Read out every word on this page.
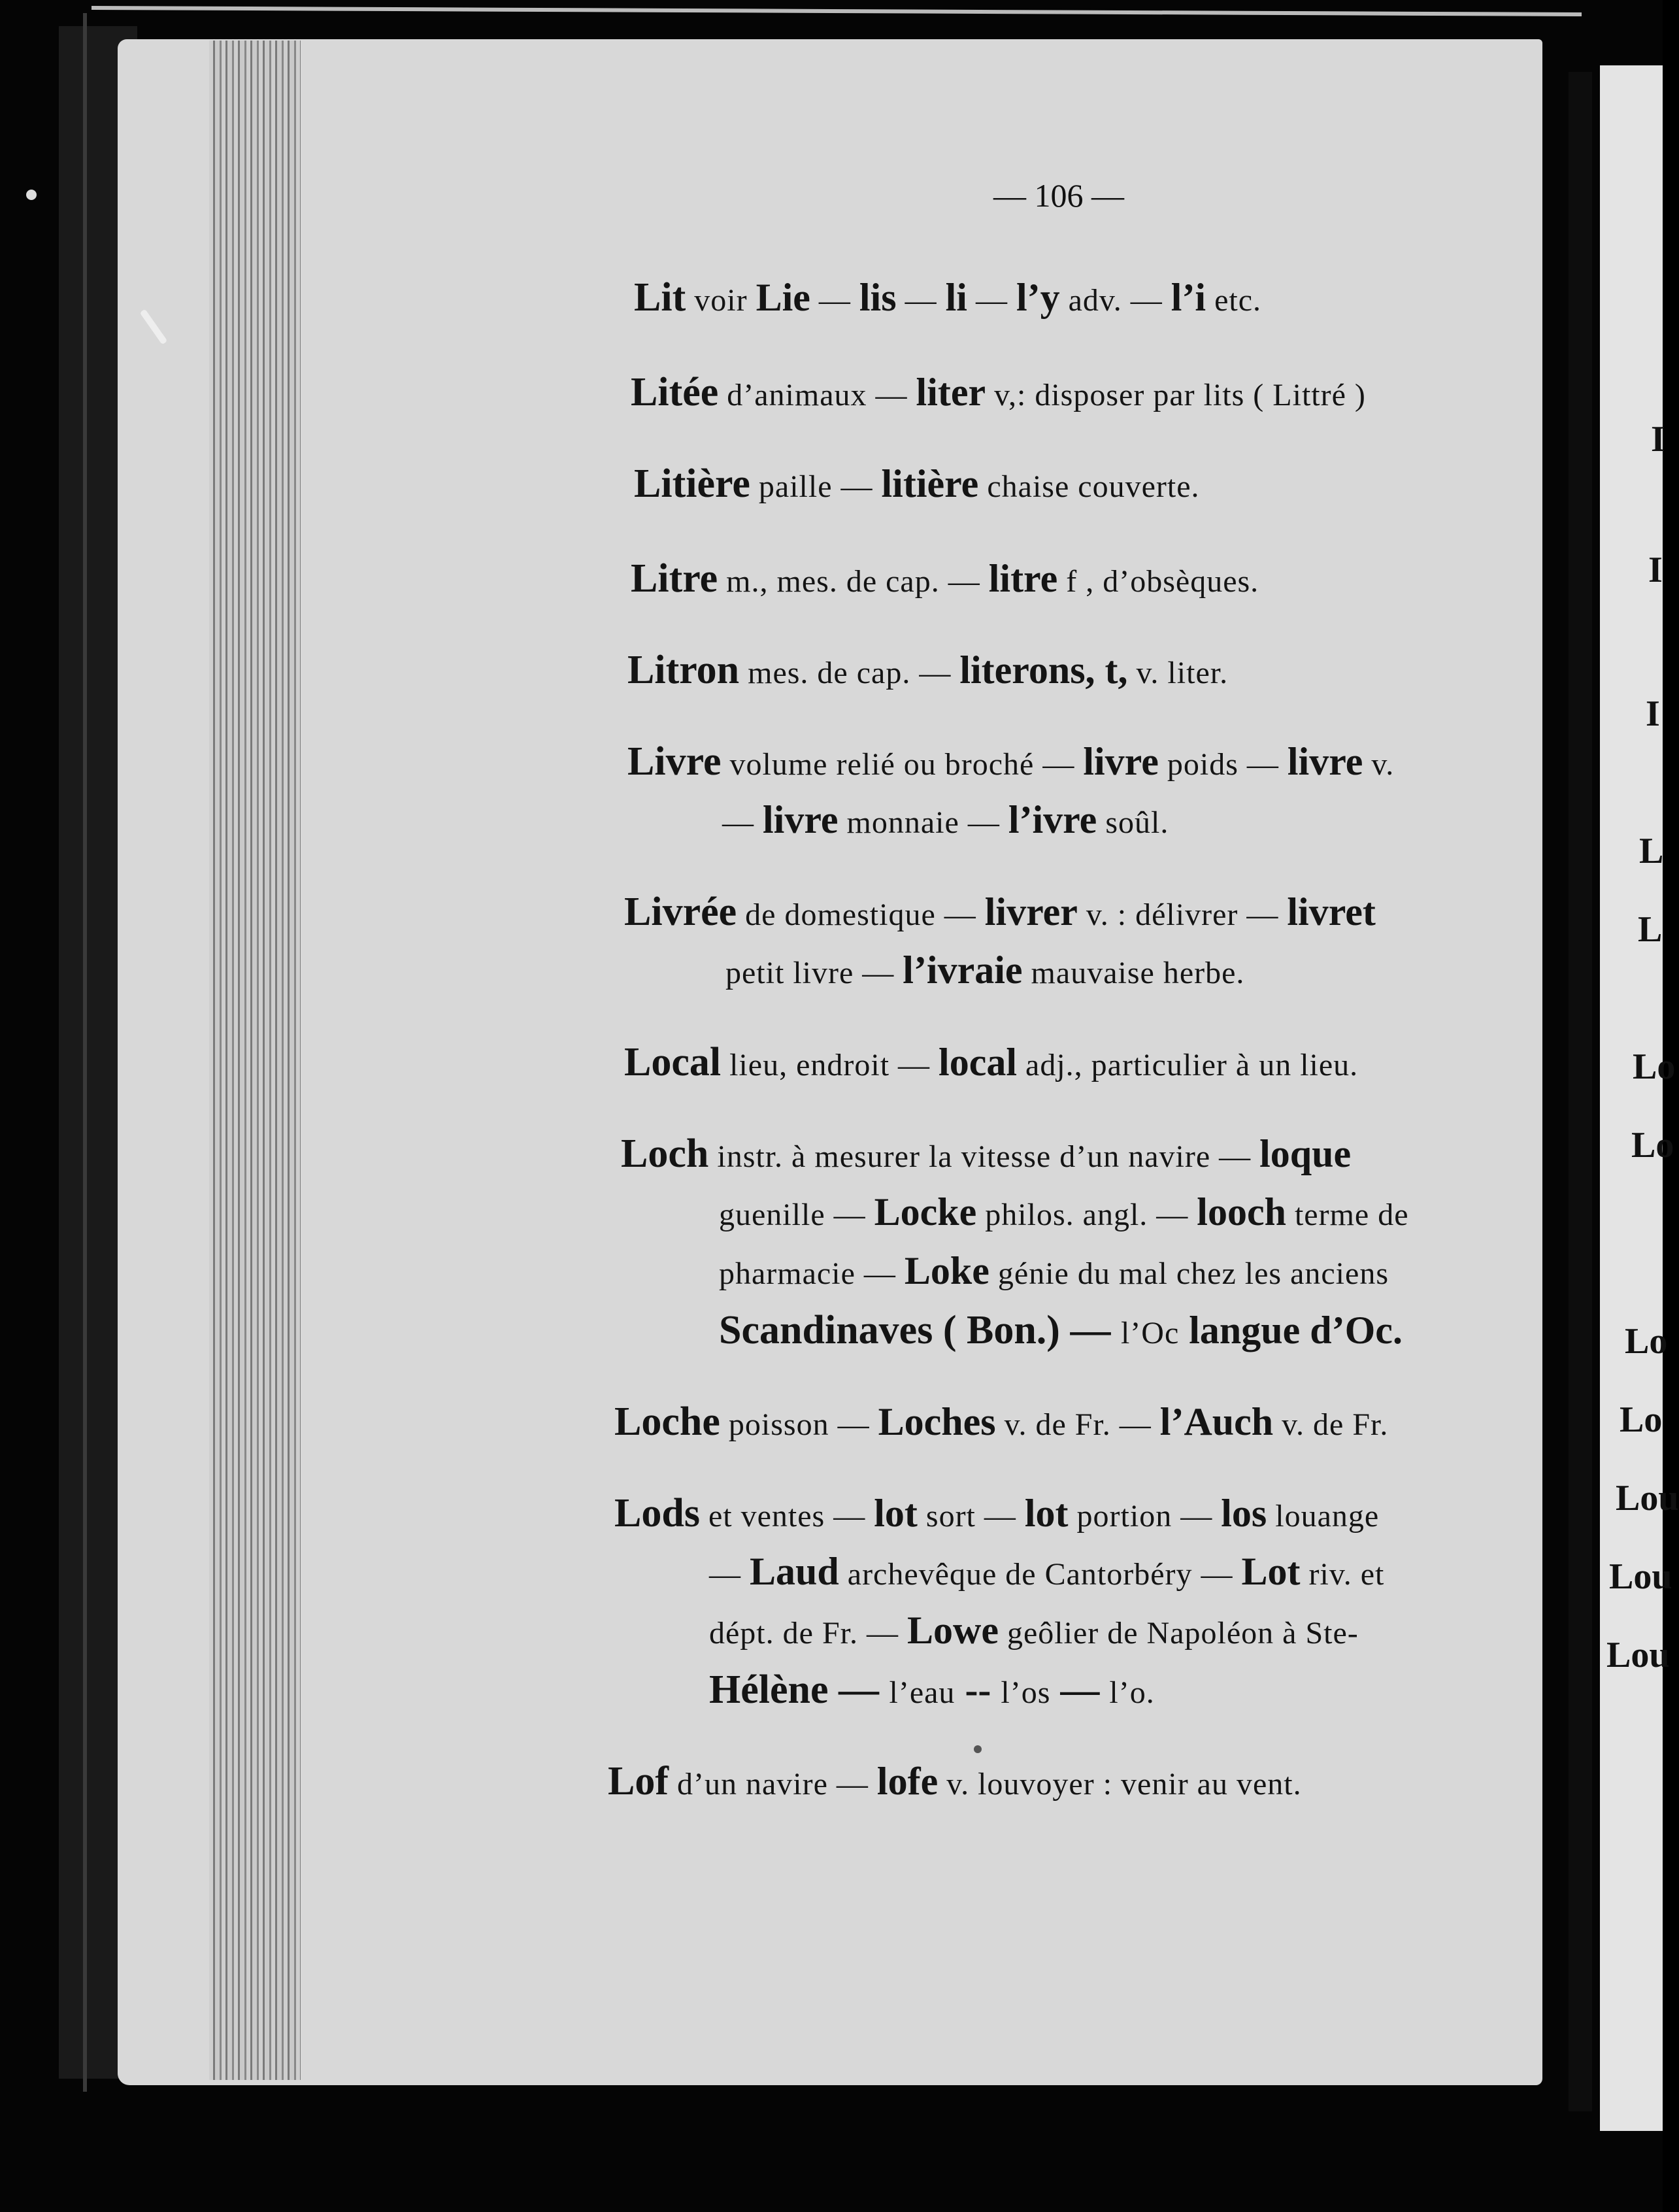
— 106 —
Lit voir Lie — lis — li — l’y adv. — l’i etc.
Litée d’animaux — liter v,: disposer par lits ( Littré )
Litière paille — litière chaise couverte.
Litre m., mes. de cap. — litre f , d’obsèques.
Litron mes. de cap. — literons, t, v. liter.
Livre volume relié ou broché — livre poids — livre v.
— livre monnaie — l’ivre soûl.
Livrée de domestique — livrer v. : délivrer — livret
petit livre — l’ivraie mauvaise herbe.
Local lieu, endroit — local adj., particulier à un lieu.
Loch instr. à mesurer la vitesse d’un navire — loque
guenille — Locke philos. angl. — looch terme de
pharmacie — Loke génie du mal chez les anciens
Scandinaves ( Bon.) — l’Oc langue d’Oc.
Loche poisson — Loches v. de Fr. — l’Auch v. de Fr.
Lods et ventes — lot sort — lot portion — los louange
— Laud archevêque de Cantorbéry — Lot riv. et
dépt. de Fr. — Lowe geôlier de Napoléon à Ste-
Hélène — l’eau -- l’os — l’o.
Lof d’un navire — lofe v. louvoyer : venir au vent.
I
I
I
L
L
Lo
Lo
Lo
Lo
Lou
Lou
Lou
